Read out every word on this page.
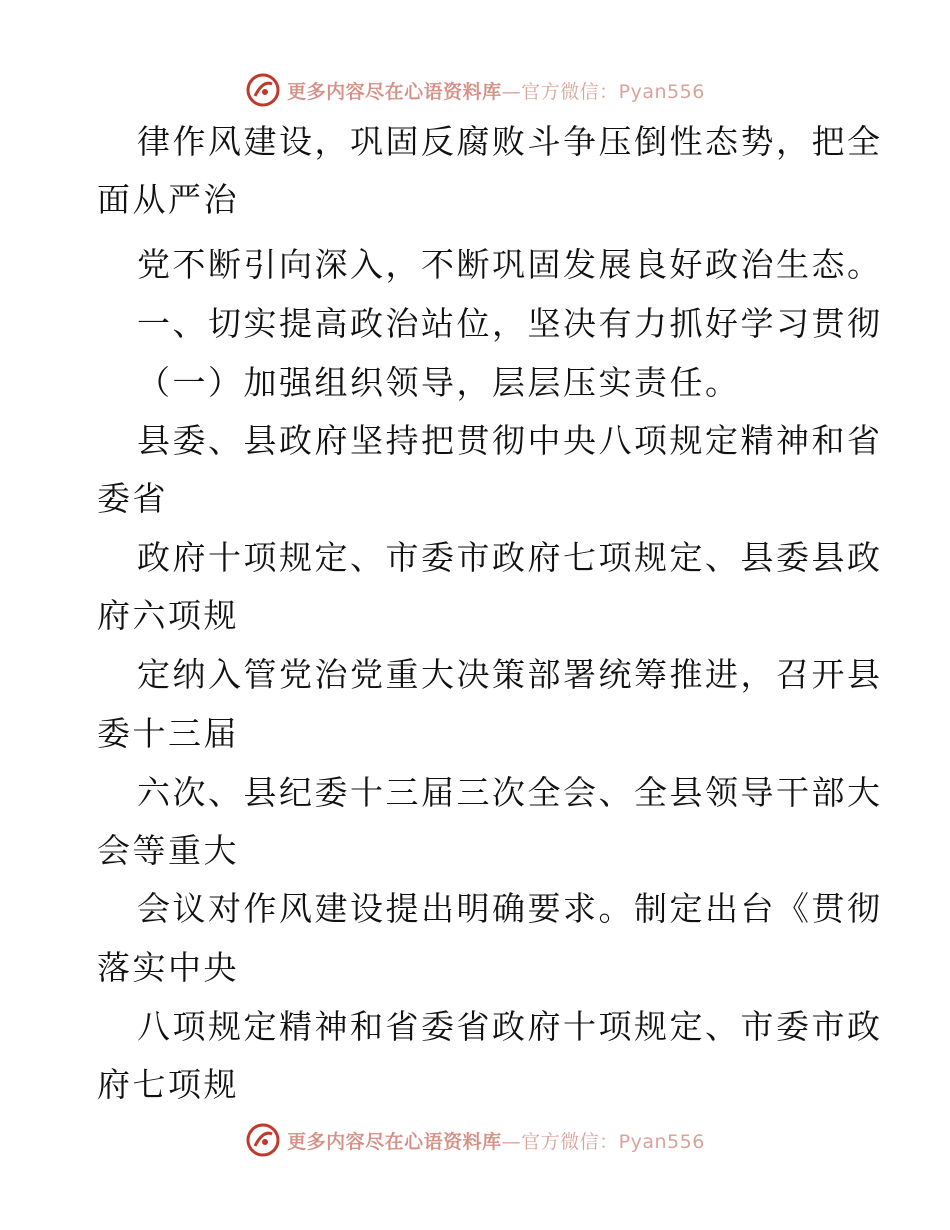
更多内容尽在心语资料库—官方微信：Pyan556
律作风建设，巩固反腐败斗争压倒性态势，把全
面从严治
党不断引向深入，不断巩固发展良好政治生态。
一、切实提高政治站位，坚决有力抓好学习贯彻
（一）加强组织领导，层层压实责任。
县委、县政府坚持把贯彻中央八项规定精神和省
委省
政府十项规定、市委市政府七项规定、县委县政
府六项规
定纳入管党治党重大决策部署统筹推进，召开县
委十三届
六次、县纪委十三届三次全会、全县领导干部大
会等重大
会议对作风建设提出明确要求。制定出台《贯彻
落实中央
八项规定精神和省委省政府十项规定、市委市政
府七项规
更多内容尽在心语资料库—官方微信：Pyan556
